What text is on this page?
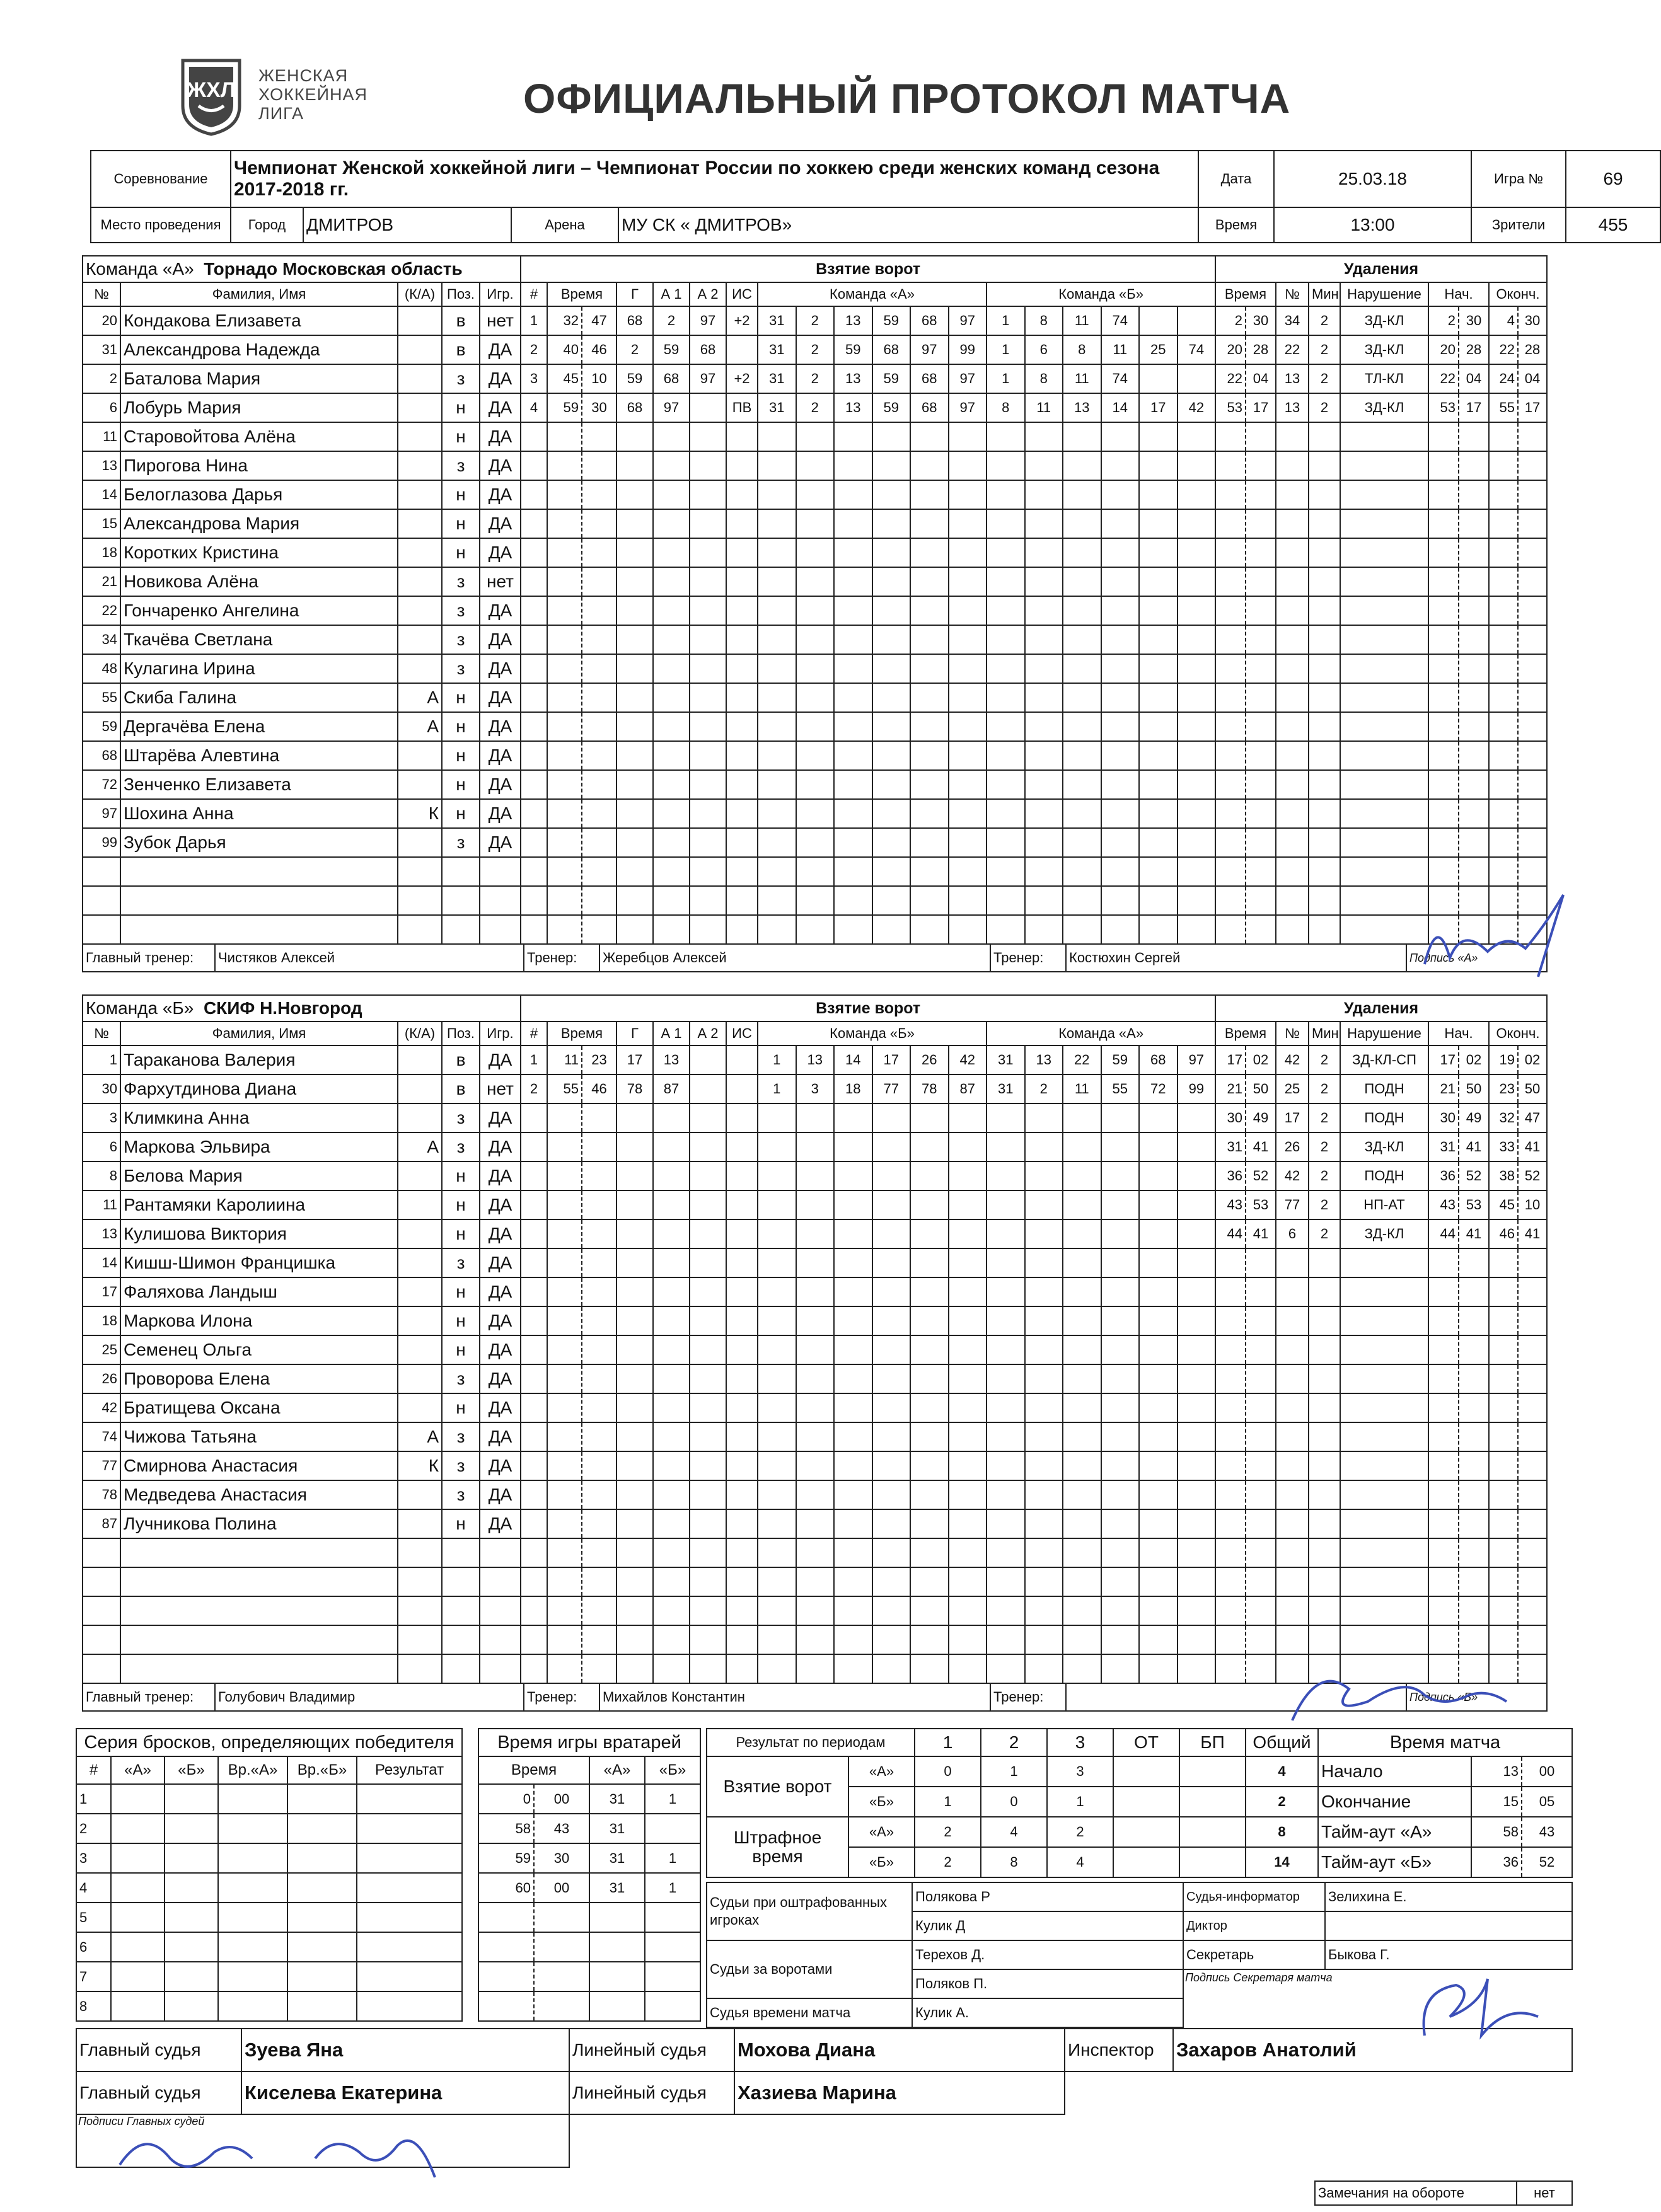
ЖХЛ
ЖЕНСКАЯ
ХОККЕЙНАЯ
ЛИГА	ОФИЦИАЛЬНЫЙ ПРОТОКОЛ МАТЧА
Соревнование	Чемпионат Женской хоккейной лиги – Чемпионат России по хоккею среди женских команд сезона 2017-2018 гг.				Дата	25.03.18	Игра №	69
Место проведения	Город	ДМИТРОВ	Арена	МУ СК « ДМИТРОВ»	Время	13:00	Зрители	455
Команда «А» Торнадо Московская область				
№	Фамилия, Имя	(К/А)	Поз.	Игр.
20	Кондакова Елизавета		в	нет
31	Александрова Надежда		в	ДА
2	Баталова Мария		з	ДА
6	Лобурь Мария		н	ДА
11	Старовойтова Алёна		н	ДА
13	Пирогова Нина		з	ДА
14	Белоглазова Дарья		н	ДА
15	Александрова Мария		н	ДА
18	Коротких Кристина		н	ДА
21	Новикова Алёна		з	нет
22	Гончаренко Ангелина		з	ДА
34	Ткачёва Светлана		з	ДА
48	Кулагина Ирина		з	ДА
55	Скиба Галина	А	н	ДА
59	Дергачёва Елена	А	н	ДА
68	Штарёва Алевтина		н	ДА
72	Зенченко Елизавета		н	ДА
97	Шохина Анна	К	н	ДА
99	Зубок Дарья		з	ДА

Взятие ворот																		
#	Время		Г	А 1	А 2	ИС	Команда «А»						Команда «Б»					
1	32	47	68	2	97	+2	31	2	13	59	68	97	1	8	11	74		
2	40	46	2	59	68		31	2	59	68	97	99	1	6	8	11	25	74
3	45	10	59	68	97	+2	31	2	13	59	68	97	1	8	11	74		
4	59	30	68	97		ПВ	31	2	13	59	68	97	8	11	13	14	17	42

Удаления								
Время		№	Мин	Нарушение	Нач.		Оконч.	
2	30	34	2	ЗД-КЛ	2	30	4	30
20	28	22	2	ЗД-КЛ	20	28	22	28
22	04	13	2	ТЛ-КЛ	22	04	24	04
53	17	13	2	ЗД-КЛ	53	17	55	17

Главный тренер:	Чистяков Алексей	Тренер:	Жеребцов Алексей	Тренер:	Костюхин Сергей	Подпись «А»
Команда «Б» СКИФ Н.Новгород				
№	Фамилия, Имя	(К/А)	Поз.	Игр.
1	Тараканова Валерия		в	ДА
30	Фархутдинова Диана		в	нет
3	Климкина Анна		з	ДА
6	Маркова Эльвира	А	з	ДА
8	Белова Мария		н	ДА
11	Рантамяки Каролиина		н	ДА
13	Кулишова Виктория		н	ДА
14	Кишш-Шимон Францишка		з	ДА
17	Фаляхова Ландыш		н	ДА
18	Маркова Илона		н	ДА
25	Семенец Ольга		н	ДА
26	Проворова Елена		з	ДА
42	Братищева Оксана		н	ДА
74	Чижова Татьяна	А	з	ДА
77	Смирнова Анастасия	К	з	ДА
78	Медведева Анастасия		з	ДА
87	Лучникова Полина		н	ДА

Взятие ворот																		
#	Время		Г	А 1	А 2	ИС	Команда «Б»						Команда «А»					
1	11	23	17	13			1	13	14	17	26	42	31	13	22	59	68	97
2	55	46	78	87			1	3	18	77	78	87	31	2	11	55	72	99

Удаления								
Время		№	Мин	Нарушение	Нач.		Оконч.	
17	02	42	2	ЗД-КЛ-СП	17	02	19	02
21	50	25	2	ПОДН	21	50	23	50
30	49	17	2	ПОДН	30	49	32	47
31	41	26	2	ЗД-КЛ	31	41	33	41
36	52	42	2	ПОДН	36	52	38	52
43	53	77	2	НП-АТ	43	53	45	10
44	41	6	2	ЗД-КЛ	44	41	46	41

Главный тренер:	Голубович Владимир	Тренер:	Михайлов Константин	Тренер:		Подпись «Б»
Серия бросков, определяющих победителя					
#	«А»	«Б»	Вр.«А»	Вр.«Б»	Результат
1					
2					
3					
4					
5					
6					
7					
8					
Время игры вратарей			
Время		«А»	«Б»
0	00	31	1
58	43	31	
59	30	31	1
60	00	31	1

Результат по периодам		1	2	3	ОТ	БП	Общий
Взятие ворот	«А»	0	1	3			4
	«Б»	1	0	1			2
Штрафное время	«А»	2	4	2			8
	«Б»	2	8	4			14
Время матча		
Начало	13	00
Окончание	15	05
Тайм-аут «А»	58	43
Тайм-аут «Б»	36	52
Судьи при оштрафованных игроках	Полякова Р
	Кулик Д
Судьи за воротами	Терехов Д.
	Поляков П.
Судья времени матча	Кулик А.
Судья-информатор	Зелихина Е.
Диктор	
Секретарь	Быкова Г.
Подпись Секретаря матча
Главный судья	Зуева Яна	Линейный судья	Мохова Диана
Главный судья	Киселева Екатерина	Линейный судья	Хазиева Марина
Инспектор	Захаров Анатолий
Подписи Главных судей
Замечания на обороте	нет
